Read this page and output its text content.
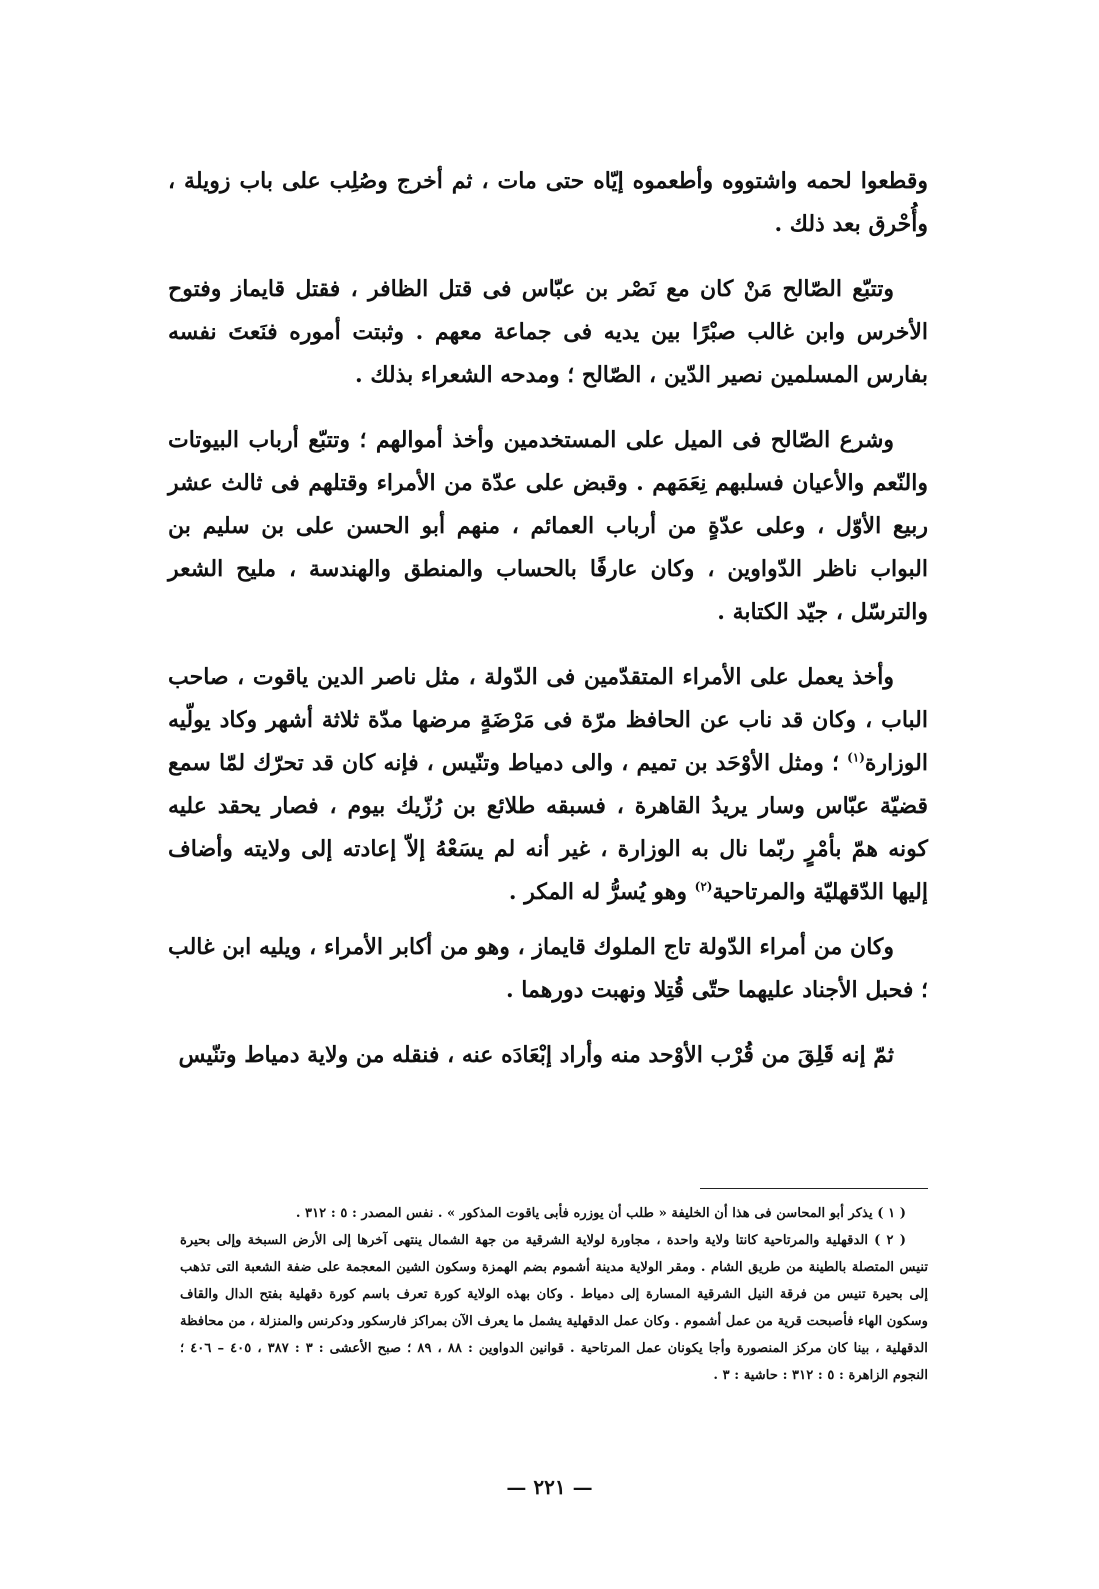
وقطعوا لحمه واشتووه وأطعموه إيّاه حتى مات ، ثم أخرج وصُلِب على باب زويلة ، وأُحْرق بعد ذلك .

وتتبّع الصّالح مَنْ كان مع نَصْر بن عبّاس فى قتل الظافر ، فقتل قايماز وفتوح الأخرس وابن غالب صبْرًا بين يديه فى جماعة معهم . وثبتت أموره فنَعتَ نفسه بفارس المسلمين نصير الدّين ، الصّالح ؛ ومدحه الشعراء بذلك .

وشرع الصّالح فى الميل على المستخدمين وأخذ أموالهم ؛ وتتبّع أرباب البيوتات والنّعم والأعيان فسلبهم نِعَمَهم . وقبض على عدّة من الأمراء وقتلهم فى ثالث عشر ربيع الأوّل ، وعلى عدّةٍ من أرباب العمائم ، منهم أبو الحسن على بن سليم بن البواب ناظر الدّواوين ، وكان عارفًا بالحساب والمنطق والهندسة ، مليح الشعر والترسّل ، جيّد الكتابة .

وأخذ يعمل على الأمراء المتقدّمين فى الدّولة ، مثل ناصر الدين ياقوت ، صاحب الباب ، وكان قد ناب عن الحافظ مرّة فى مَرْضَةٍ مرضها مدّة ثلاثة أشهر وكاد يولّيه الوزارة$^{(١)}$ ؛ ومثل الأوْحَد بن تميم ، والى دمياط وتنّيس ، فإنه كان قد تحرّك لمّا سمع قضيّة عبّاس وسار يريدُ القاهرة ، فسبقه طلائع بن رُزّيك بيوم ، فصار يحقد عليه كونه همّ بأمْرٍ ربّما نال به الوزارة ، غير أنه لم يسَعْهُ إلاّ إعادته إلى ولايته وأضاف إليها الدّقهليّة والمرتاحية$^{(٢)}$ وهو يُسرُّ له المكر .

وكان من أمراء الدّولة تاج الملوك قايماز ، وهو من أكابر الأمراء ، ويليه ابن غالب ؛ فحبل الأجناد عليهما حتّى قُتِلا ونهبت دورهما .

ثمّ إنه قَلِقَ من قُرْب الأوْحد منه وأراد إبْعَادَه عنه ، فنقله من ولاية دمياط وتنّيس

( ١ ) يذكر أبو المحاسن فى هذا أن الخليفة « طلب أن يوزره فأبى ياقوت المذكور » . نفس المصدر : ٥ : ٣١٢ .

( ٢ ) الدقهلية والمرتاحية كانتا ولاية واحدة ، مجاورة لولاية الشرقية من جهة الشمال ينتهى آخرها إلى الأرض السبخة وإلى بحيرة تنيس المتصلة بالطينة من طريق الشام . ومقر الولاية مدينة أشموم بضم الهمزة وسكون الشين المعجمة على ضفة الشعبة التى تذهب إلى بحيرة تنيس من فرقة النيل الشرقية المسارة إلى دمياط . وكان بهذه الولاية كورة تعرف باسم كورة دقهلية بفتح الدال والقاف وسكون الهاء فأصبحت قرية من عمل أشموم . وكان عمل الدقهلية يشمل ما يعرف الآن بمراكز فارسكور ودكرنس والمنزلة ، من محافظة الدقهلية ، بينا كان مركز المنصورة وأجا يكونان عمل المرتاحية . قوانين الدواوين : ٨٨ ، ٨٩ ؛ صبح الأعشى : ٣ : ٣٨٧ ، ٤٠٥ – ٤٠٦ ؛ النجوم الزاهرة : ٥ : ٣١٢ : حاشية : ٣ .

— ٢٢١ —
